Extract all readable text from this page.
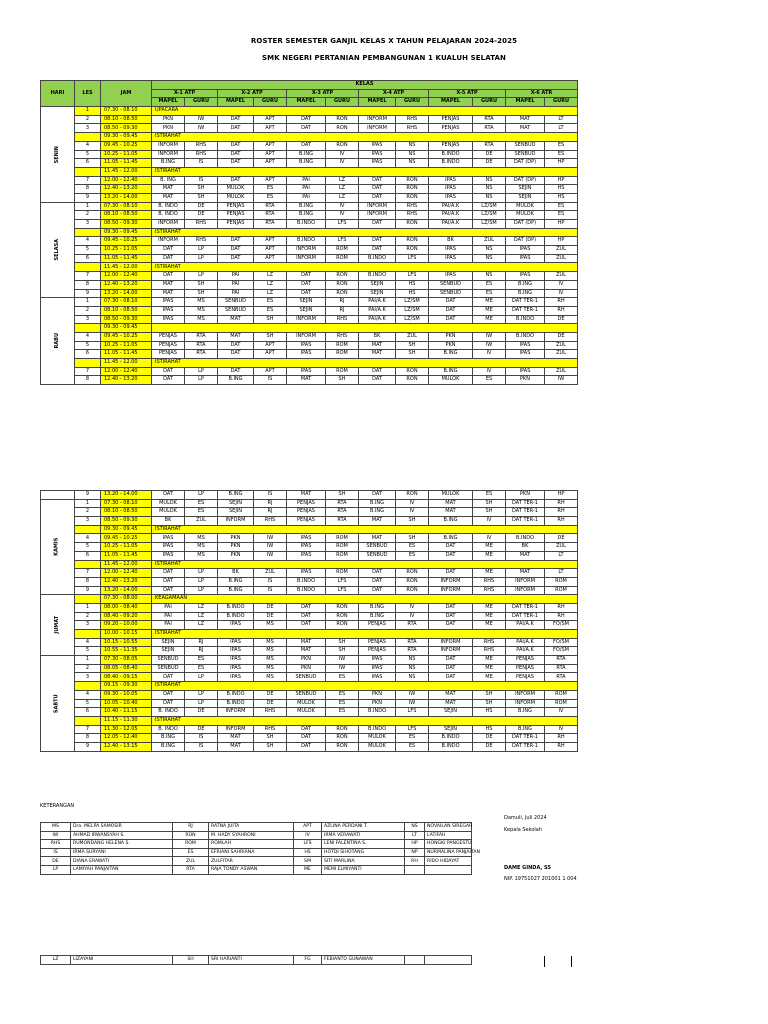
ROSTER SEMESTER GANJIL KELAS X TAHUN PELAJARAN 2024-2025
SMK NEGERI PERTANIAN PEMBANGUNAN 1 KUALUH SELATAN
HARI	LES	JAM	KELAS											
			X-1 ATP		X-2 ATP		X-3 ATP		X-4 ATP		X-5 ATP		X-6 ATR	
			MAPEL	GURU	MAPEL	GURU	MAPEL	GURU	MAPEL	GURU	MAPEL	GURU	MAPEL	GURU
SENIN	1	07.30 - 08.10	UPACARA											
	2	08.10 - 08.50	PKN	IW	DAT	APT	DAT	RON	INFORM	RHS	PENJAS	RTA	MAT	LT
	3	08.50 - 09.30	PKN	IW	DAT	APT	DAT	RON	INFORM	RHS	PENJAS	RTA	MAT	LT
		09.30 - 09.45	ISTIRAHAT											
	4	09.45 - 10.25	INFORM	RHS	DAT	APT	DAT	RON	IPAS	NS	PENJAS	RTA	SENBUD	ES
	5	10.25 - 11.05	INFORM	RHS	DAT	APT	B.INĞ	IV	IPAS	NS	B.INDO	DE	SENBUD	ES
	6	11.05 - 11.45	B.INĞ	IS	DAT	APT	B.INĞ	IV	IPAS	NS	B.INDO	DE	DAT (DP)	HP
		11.45 - 12.00	ISTIRAHAT											
	7	12.00 - 12.40	B. INĞ	IS	DAT	APT	PAI	LZ	DAT	RON	IPAS	NS	DAT (DP)	HP
	8	12.40 - 13.20	MAT	SH	MULOK	ES	PAI	LZ	DAT	RON	IPAS	NS	SEJIN	HS
	9	13.20 - 14.00	MAT	SH	MULOK	ES	PAI	LZ	DAT	RON	IPAS	NS	SEJIN	HS
SELASA	1	07.30 - 08.10	B. INDO	DE	PENJAS	RTA	B.INĞ	IV	INFORM	RHS	PAI/A.K	LZ/SM	MULOK	ES
	2	08.10 - 08.50	B. INDO	DE	PENJAS	RTA	B.INĞ	IV	INFORM	RHS	PAI/A.K	LZ/SM	MULOK	ES
	3	08.50 - 09.30	INFORM	RHS	PENJAS	RTA	B.INDO	LFS	DAT	RON	PAI/A.K	LZ/SM	DAT (DP)	HP
		09.30 - 09.45	ISTIRAHAT											
	4	09.45 - 10.25	INFORM	RHS	DAT	APT	B.INDO	LFS	DAT	RON	BK	ZUL	DAT (DP)	HP
	5	10.25 - 11.05	DAT	LP	DAT	APT	INFORM	ROM	DAT	RON	IPAS	NS	IPAS	ZUL
	6	11.05 - 11.45	DAT	LP	DAT	APT	INFORM	ROM	B.INDO	LFS	IPAS	NS	IPAS	ZUL
		11.45 - 12.00	ISTIRAHAT											
	7	12.00 - 12.40	DAT	LP	PAI	LZ	DAT	RON	B.INDO	LFS	IPAS	NS	IPAS	ZUL
	8	12.40 - 13.20	MAT	SH	PAI	LZ	DAT	RON	SEJIN	HS	SENBUD	ES	B.INĞ	IV
	9	13.20 - 14.00	MAT	SH	PAI	LZ	DAT	RON	SEJIN	HS	SENBUD	ES	B.INĞ	IV
RABU	1	07.30 - 08.10	IPAS	MS	SENBUD	ES	SEJIN	RJ	PAI/A.K	LZ/SM	DAT	ME	DAT TER-1	RH
	2	08.10 - 08.50	IPAS	MS	SENBUD	ES	SEJIN	RJ	PAI/A.K	LZ/SM	DAT	ME	DAT TER-1	RH
	3	08.50 - 09.30	IPAS	MS	MAT	SH	INFORM	RHS	PAI/A.K	LZ/SM	DAT	ME	B.INDO	DE
		09.30 - 09.45												
	4	09.45 - 10.25	PENJAS	RTA	MAT	SH	INFORM	RHS	BK	ZUL	PKN	IW	B.INDO	DE
	5	10.25 - 11.05	PENJAS	RTA	DAT	APT	IPAS	ROM	MAT	SH	PKN	IW	IPAS	ZUL
	6	11.05 - 11.45	PENJAS	RTA	DAT	APT	IPAS	ROM	MAT	SH	B.INĞ	IV	IPAS	ZUL
		11.45 - 12.00	ISTIRAHAT											
	7	12.00 - 12.40	DAT	LP	DAT	APT	IPAS	ROM	DAT	RON	B.INĞ	IV	IPAS	ZUL
	8	12.40 - 13.20	DAT	LP	B.INĞ	IS	MAT	SH	DAT	RON	MULOK	ES	PKN	IW
	9	13.20 - 14.00	DAT	LP	B.INĞ	IS	MAT	SH	DAT	RON	MULOK	ES	PKN	HP
KAMIS	1	07.30 - 08.10	MULOK	ES	SEJIN	RJ	PENJAS	RTA	B.INĞ	IV	MAT	SH	DAT TER-1	RH
	2	08.10 - 08.50	MULOK	ES	SEJIN	RJ	PENJAS	RTA	B.INĞ	IV	MAT	SH	DAT TER-1	RH
	3	08.50 - 09.30	BK	ZUL	INFORM	RHS	PENJAS	RTA	MAT	SH	B.INĞ	IV	DAT TER-1	RH
		09.30 - 09.45	ISTIRAHAT											
	4	09.45 - 10.25	IPAS	MS	PKN	IW	IPAS	ROM	MAT	SH	B.INĞ	IV	B.INDO	DE
	5	10.25 - 11.05	IPAS	MS	PKN	IW	IPAS	ROM	SENBUD	ES	DAT	ME	BK	ZUL
	6	11.05 - 11.45	IPAS	MS	PKN	IW	IPAS	ROM	SENBUD	ES	DAT	ME	MAT	LT
		11.45 - 12.00	ISTIRAHAT											
	7	12.00 - 12.40	DAT	LP	BK	ZUL	IPAS	ROM	DAT	RON	DAT	ME	MAT	LT
	8	12.40 - 13.20	DAT	LP	B.INĞ	IS	B.INDO	LFS	DAT	RON	INFORM	RHS	INFORM	ROM
	9	13.20 - 14.00	DAT	LP	B.INĞ	IS	B.INDO	LFS	DAT	RON	INFORM	RHS	INFORM	ROM
JUMAT		07.30 - 08.00	KEAGAMAAN											
	1	08.00 - 08.40	PAI	LZ	B.INDO	DE	DAT	RON	B.INĞ	IV	DAT	ME	DAT TER-1	RH
	2	08.40 - 09.20	PAI	LZ	B.INDO	DE	DAT	RON	B.INĞ	IV	DAT	ME	DAT TER-1	RH
	3	09.20 - 10.00	PAI	LZ	IPAS	MS	DAT	RON	PENJAS	RTA	DAT	ME	PAI/A.K	FO/SM
		10.00 - 10.15	ISTIRAHAT											
	4	10.15 - 10.55	SEJIN	RJ	IPAS	MS	MAT	SH	PENJAS	RTA	INFORM	RHS	PAI/A.K	FO/SM
	5	10.55 - 11.35	SEJIN	RJ	IPAS	MS	MAT	SH	PENJAS	RTA	INFORM	RHS	PAI/A.K	FO/SM
SABTU	1	07.30 - 08.05	SENBUD	ES	IPAS	MS	PKN	IW	IPAS	NS	DAT	ME	PENJAS	RTA
	2	08.05 - 08.40	SENBUD	ES	IPAS	MS	PKN	IW	IPAS	NS	DAT	ME	PENJAS	RTA
	3	08.40 - 09.15	DAT	LP	IPAS	MS	SENBUD	ES	IPAS	NS	DAT	ME	PENJAS	RTA
		09.15 - 09.30	ISTIRAHAT											
	4	09.30 - 10.05	DAT	LP	B.INDO	DE	SENBUD	ES	PKN	IW	MAT	SH	INFORM	ROM
	5	10.05 - 10.40	DAT	LP	B.INDO	DE	MULOK	ES	PKN	IW	MAT	SH	INFORM	ROM
	6	10.40 - 11.15	B. INDO	DE	INFORM	RHS	MULOK	ES	B.INDO	LFS	SEJIN	HS	B.INĞ	IV
		11.15 - 11.30	ISTIRAHAT											
	7	11.30 - 12.05	B. INDO	DE	INFORM	RHS	DAT	RON	B.INDO	LFS	SEJIN	HS	B.INĞ	IV
	8	12.05 - 12.40	B.INĞ	IS	MAT	SH	DAT	RON	MULOK	ES	B.INDO	DE	DAT TER-1	RH
	9	12.40 - 13.15	B.INĞ	IS	MAT	SH	DAT	RON	MULOK	ES	B.INDO	DE	DAT TER-1	RH
KETERANGAN
MS	Dra. MELPA SAMOSIR	RJ	RATNA JUITA	APT	AZLINA PERDANI T.	NS	NOVAILAN SIREGAR
IW	AHMAD IRWANSYAH S.	RON	M. HADY SYAHRONI	IV	IRMA VERAWATI	LT	LATIFAH
RHS	RUMONDANG HELENA S.	ROM	ROMLAH	LFS	LENI FALENTINA S.	HP	HONGKI PANGESTU
IS	IRMA SURYANI	ES	EFRIANI SAHRIANA	HS	HOTDI SIHOTANG	NP	NURMALINA PANJAITAN
DE	DIANA ERAWATI	ZUL	ZULFITAR	SM	SITI MARLINA	RH	RIDO HIDAYAT
LP	LAMIYAH PANJAITAN	RTA	RAJA TONDY ASWAN	ME	MEMI ELMIYANTI		
LZ	LIZAYANI	SH	SRI HARIANTI	FG	FEBIANTO GUNAWAN		
Damuli, Juli 2024
Kepala Sekolah
DAME GINDA, SS
NIP. 19751027 201001 1 004
